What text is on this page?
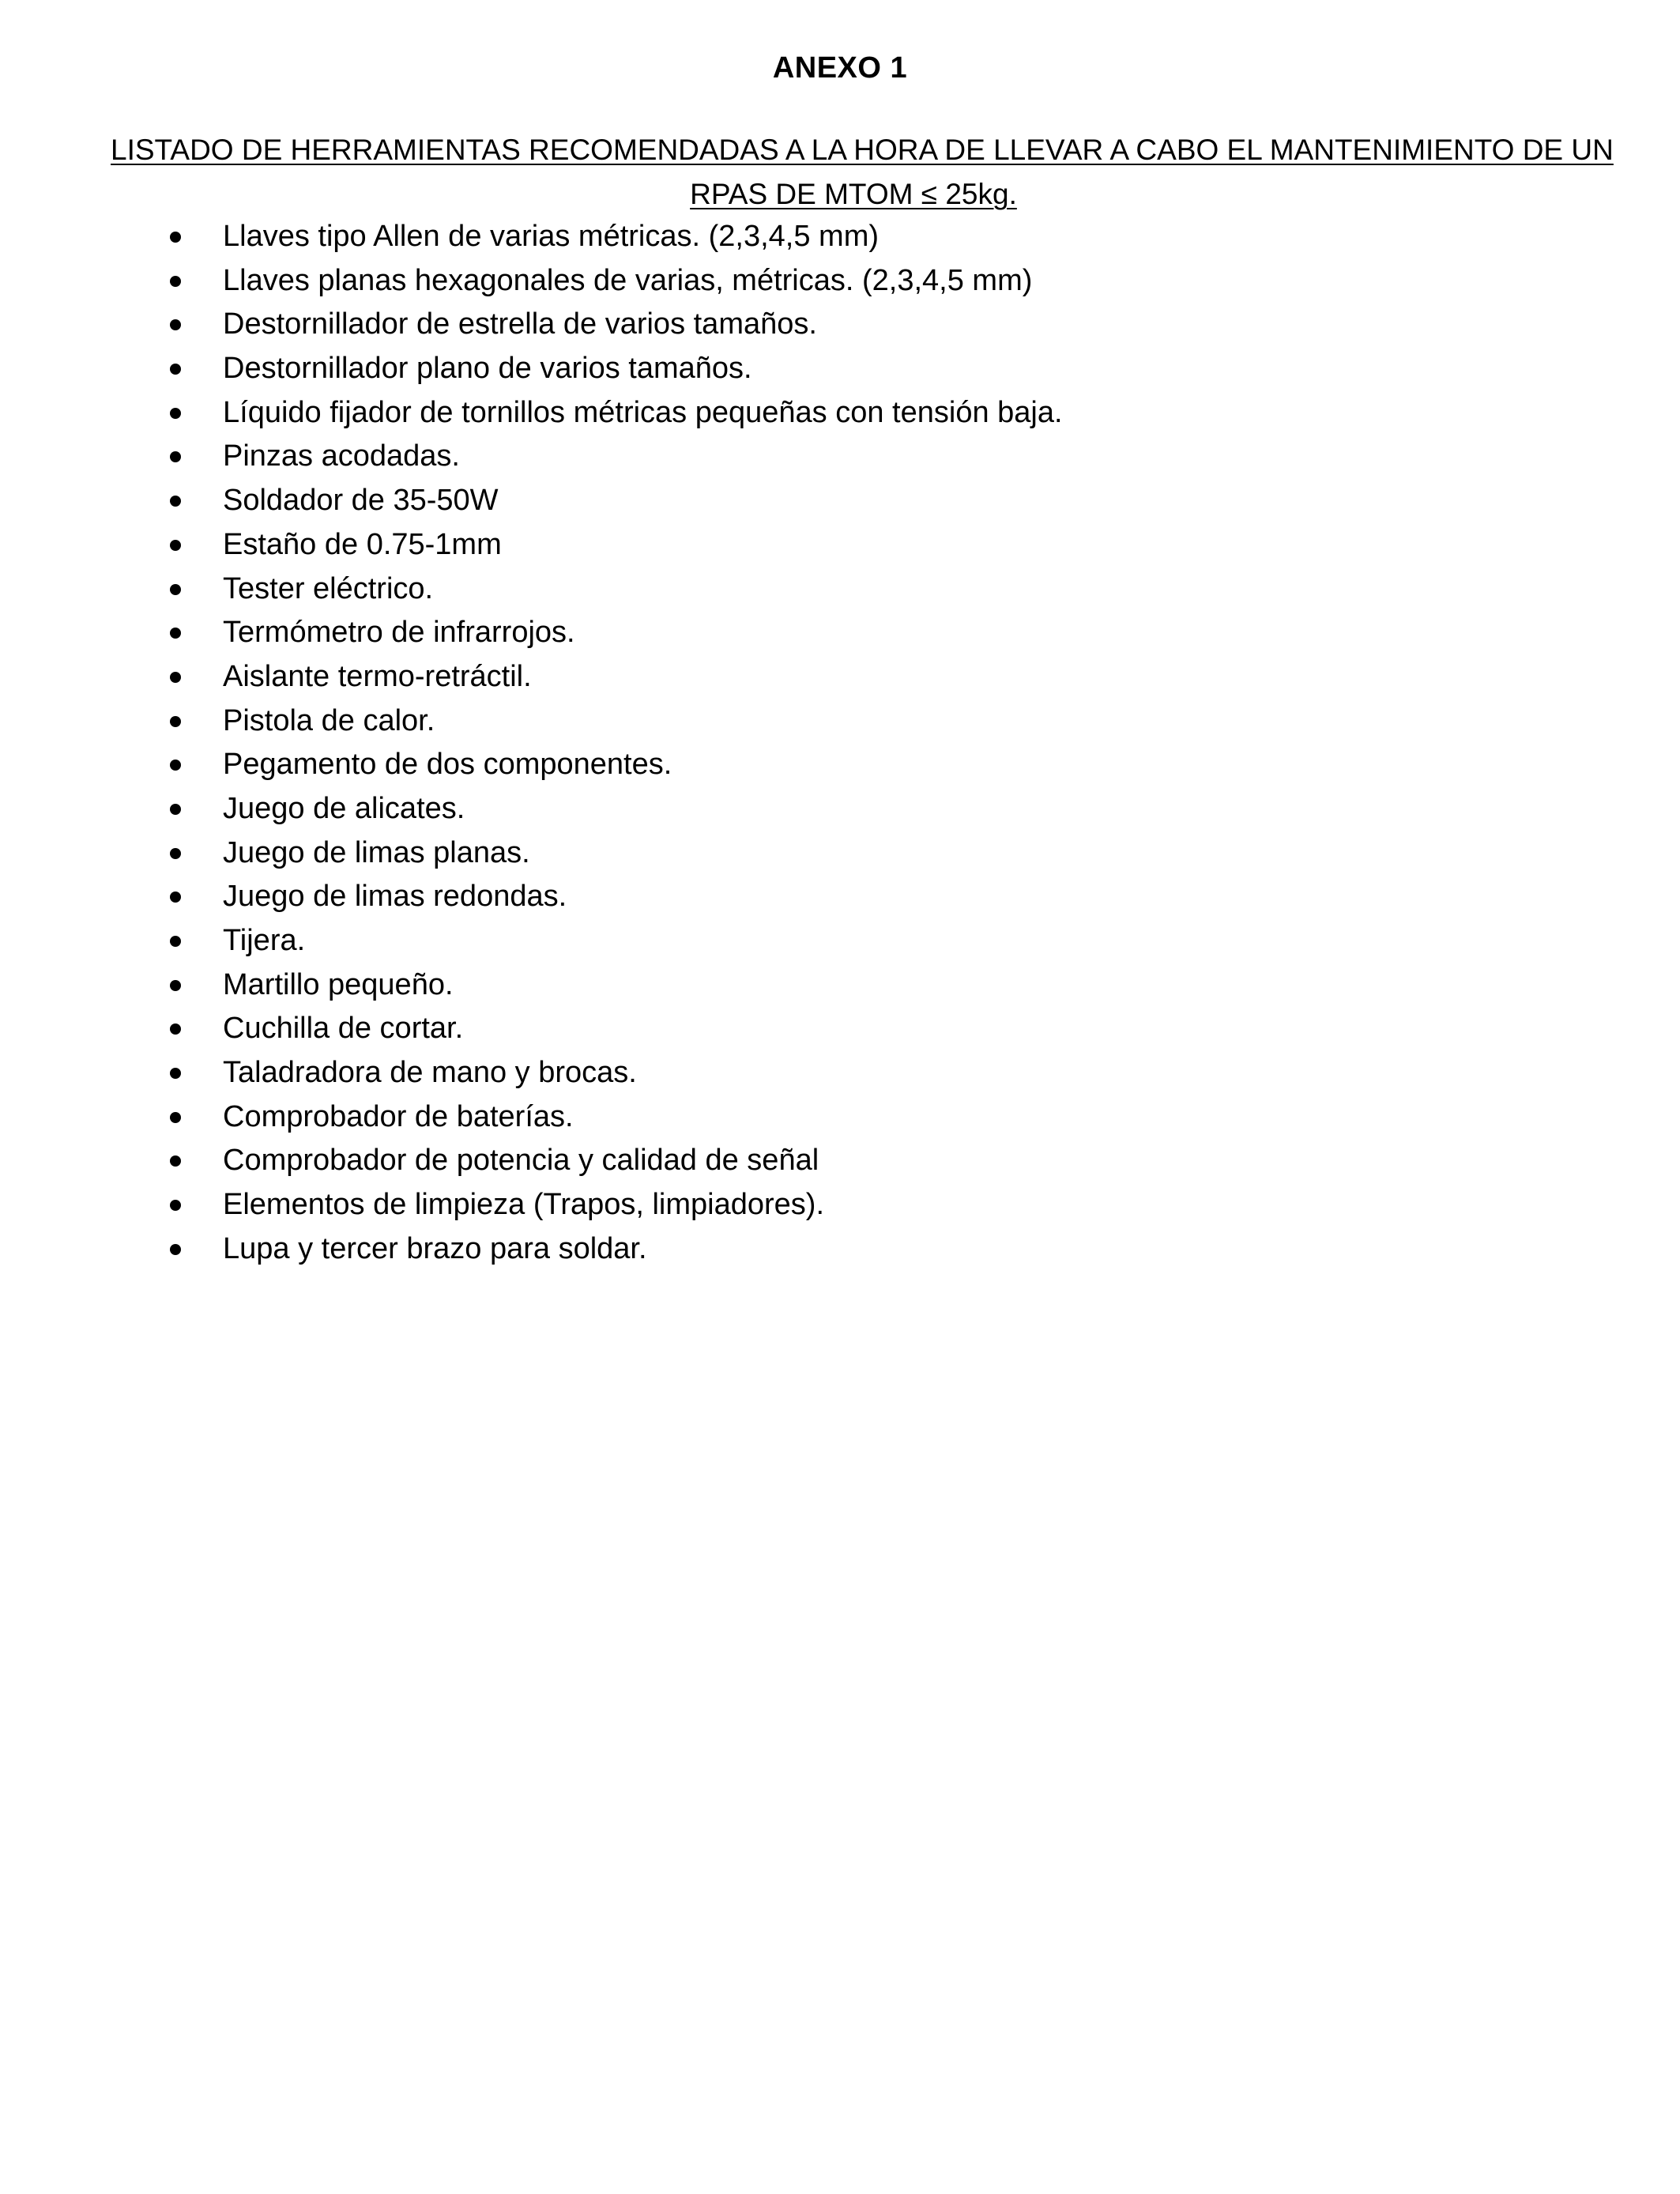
ANEXO 1
LISTADO DE HERRAMIENTAS RECOMENDADAS A LA HORA DE LLEVAR A CABO EL MANTENIMIENTO DE UN
RPAS DE MTOM ≤ 25kg.
Llaves tipo Allen de varias métricas. (2,3,4,5 mm)
Llaves planas hexagonales de varias, métricas. (2,3,4,5 mm)
Destornillador de estrella de varios tamaños.
Destornillador plano de varios tamaños.
Líquido fijador de tornillos métricas pequeñas con tensión baja.
Pinzas acodadas.
Soldador de 35-50W
Estaño de 0.75-1mm
Tester eléctrico.
Termómetro de infrarrojos.
Aislante termo-retráctil.
Pistola de calor.
Pegamento de dos componentes.
Juego de alicates.
Juego de limas planas.
Juego de limas redondas.
Tijera.
Martillo pequeño.
Cuchilla de cortar.
Taladradora de mano y brocas.
Comprobador de baterías.
Comprobador de potencia y calidad de señal
Elementos de limpieza (Trapos, limpiadores).
Lupa y tercer brazo para soldar.
